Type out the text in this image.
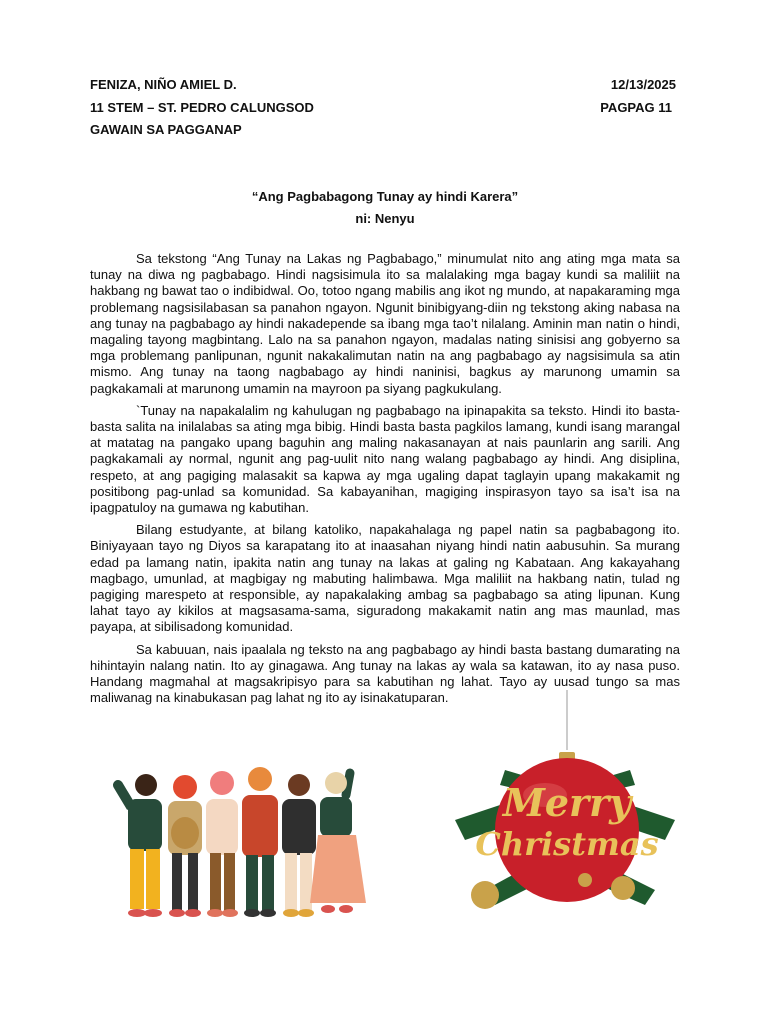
FENIZA, NIÑO AMIEL D.	12/13/2025
11 STEM – ST. PEDRO CALUNGSOD	PAGPAG 11
GAWAIN SA PAGGANAP
“Ang Pagbabagong Tunay ay hindi Karera”
ni: Nenyu

Sa tekstong “Ang Tunay na Lakas ng Pagbabago,” minumulat nito ang ating mga mata sa tunay na diwa ng pagbabago. Hindi nagsisimula ito sa malalaking mga bagay kundi sa maliliit na hakbang ng bawat tao o indibidwal. Oo, totoo ngang mabilis ang ikot ng mundo, at napakaraming mga problemang nagsisilabasan sa panahon ngayon. Ngunit binibigyang-diin ng tekstong aking nabasa na ang tunay na pagbabago ay hindi nakadepende sa ibang mga tao’t nilalang. Aminin man natin o hindi, magaling tayong magbintang. Lalo na sa panahon ngayon, madalas nating sinisisi ang gobyerno sa mga problemang panlipunan, ngunit nakakalimutan natin na ang pagbabago ay nagsisimula sa atin mismo. Ang tunay na taong nagbabago ay hindi naninisi, bagkus ay marunong umamin sa pagkakamali at marunong umamin na mayroon pa siyang pagkukulang.

`Tunay na napakalalim ng kahulugan ng pagbabago na ipinapakita sa teksto. Hindi ito basta-basta salita na inilalabas sa ating mga bibig. Hindi basta basta pagkilos lamang, kundi isang marangal at matatag na pangako upang baguhin ang maling nakasanayan at nais paunlarin ang sarili. Ang pagkakamali ay normal, ngunit ang pag-uulit nito nang walang pagbabago ay hindi. Ang disiplina, respeto, at ang pagiging malasakit sa kapwa ay mga ugaling dapat taglayin upang makakamit ng positibong pag-unlad sa komunidad. Sa kabayanihan, magiging inspirasyon tayo sa isa’t isa na ipagpatuloy na gumawa ng kabutihan.

Bilang estudyante, at bilang katoliko, napakahalaga ng papel natin sa pagbabagong ito. Biniyayaan tayo ng Diyos sa karapatang ito at inaasahan niyang hindi natin aabusuhin. Sa murang edad pa lamang natin, ipakita natin ang tunay na lakas at galing ng Kabataan. Ang kakayahang magbago, umunlad, at magbigay ng mabuting halimbawa. Mga maliliit na hakbang natin, tulad ng pagiging marespeto at responsible, ay napakalaking ambag sa pagbabago sa ating lipunan. Kung lahat tayo ay kikilos at magsasama-sama, siguradong makakamit natin ang mas maunlad, mas payapa, at sibilisadong komunidad.

Sa kabuuan, nais ipaalala ng teksto na ang pagbabago ay hindi basta bastang dumarating na hihintayin nalang natin. Ito ay ginagawa. Ang tunay na lakas ay wala sa katawan, ito ay nasa puso. Handang magmahal at magsakripisyo para sa kabutihan ng lahat. Tayo ay uusad tungo sa mas maliwanag na kinabukasan pag lahat ng ito ay isinakatuparan.

Merry
Christmas
